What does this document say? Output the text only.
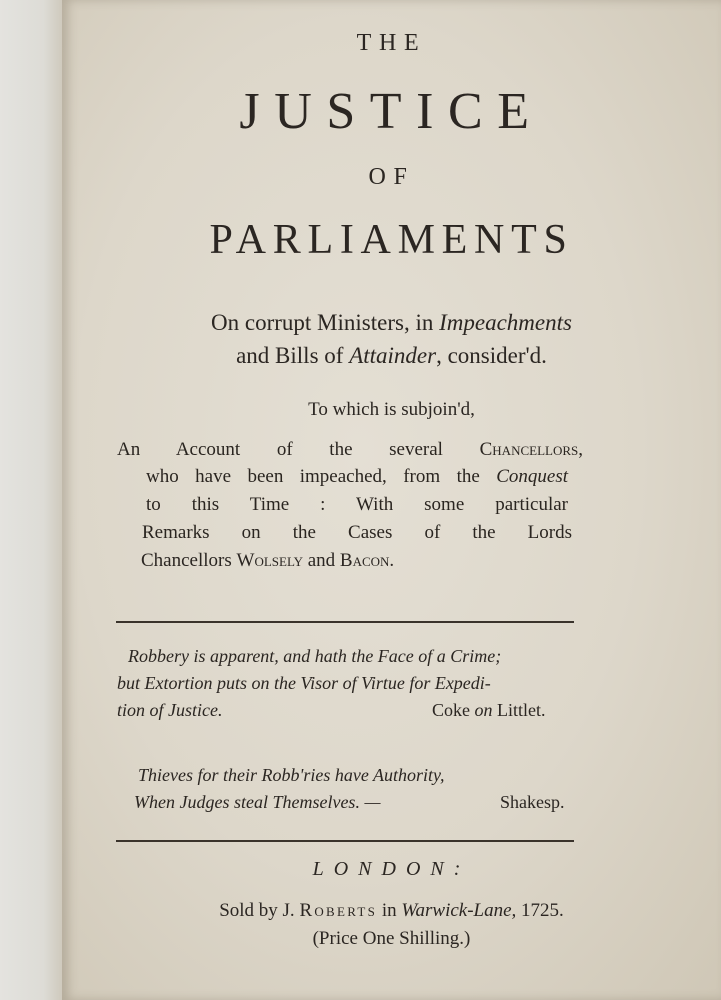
THE
JUSTICE
OF
PARLIAMENTS
On corrupt Ministers, in Impeachments
and Bills of Attainder, consider'd.
To which is subjoin'd,
An Account of the several Chancellors,
who have been impeached, from the Conquest
to this Time : With some particular
Remarks on the Cases of the Lords
Chancellors Wolsely and Bacon.
Robbery is apparent, and hath the Face of a Crime;
but Extortion puts on the Visor of Virtue for Expedi-
tion of Justice.	Coke on Littlet.
Thieves for their Robb'ries have Authority,
When Judges steal Themselves. —	Shakesp.
LONDON:
Sold by J. Roberts in Warwick-Lane, 1725.
(Price One Shilling.)
